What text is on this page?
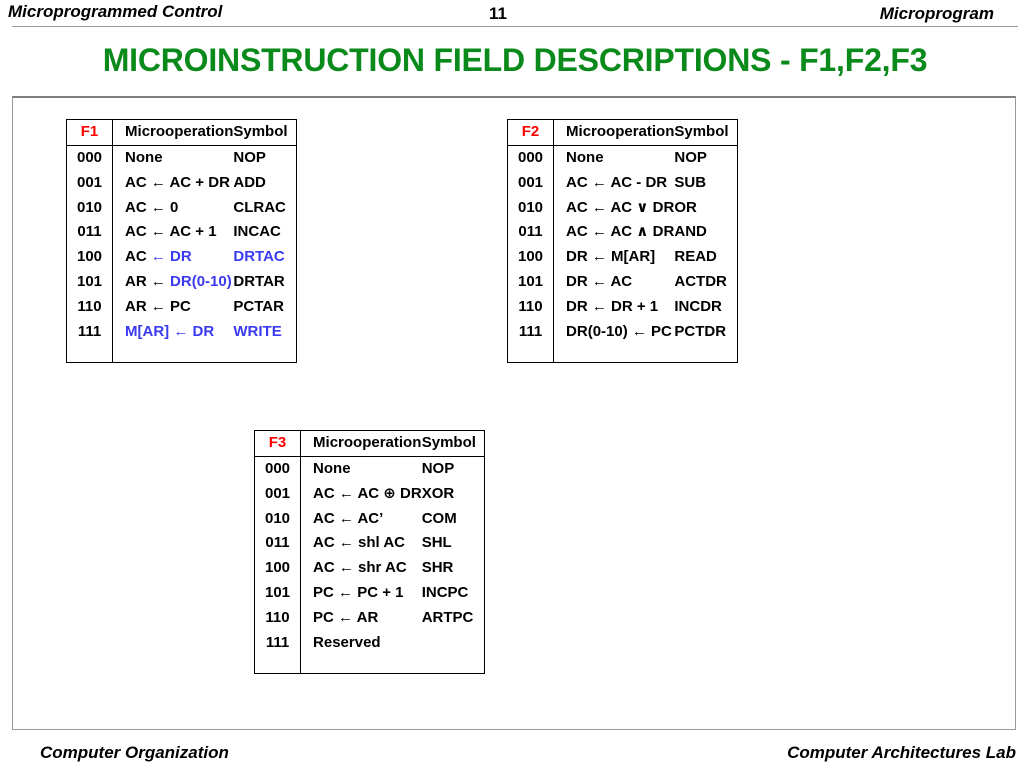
Microprogrammed Control	11	Microprogram
MICROINSTRUCTION FIELD DESCRIPTIONS - F1,F2,F3
F1	Microoperation	Symbol
000	None	NOP
001	AC ← AC + DR	ADD
010	AC ← 0	CLRAC
011	AC ← AC + 1	INCAC
100	AC ← DR	DRTAC
101	AR ← DR(0-10)	DRTAR
110	AR ← PC	PCTAR
111	M[AR] ← DR	WRITE
F2	Microoperation	Symbol
000	None	NOP
001	AC ← AC - DR	SUB
010	AC ← AC ∨ DR	OR
011	AC ← AC ∧ DR	AND
100	DR ← M[AR]	READ
101	DR ← AC	ACTDR
110	DR ← DR + 1	INCDR
111	DR(0-10) ← PC	PCTDR
F3	Microoperation	Symbol
000	None	NOP
001	AC ← AC ⊕ DR	XOR
010	AC ← AC’	COM
011	AC ← shl AC	SHL
100	AC ← shr AC	SHR
101	PC ← PC + 1	INCPC
110	PC ← AR	ARTPC
111	Reserved	
Computer Organization	Computer Architectures Lab
